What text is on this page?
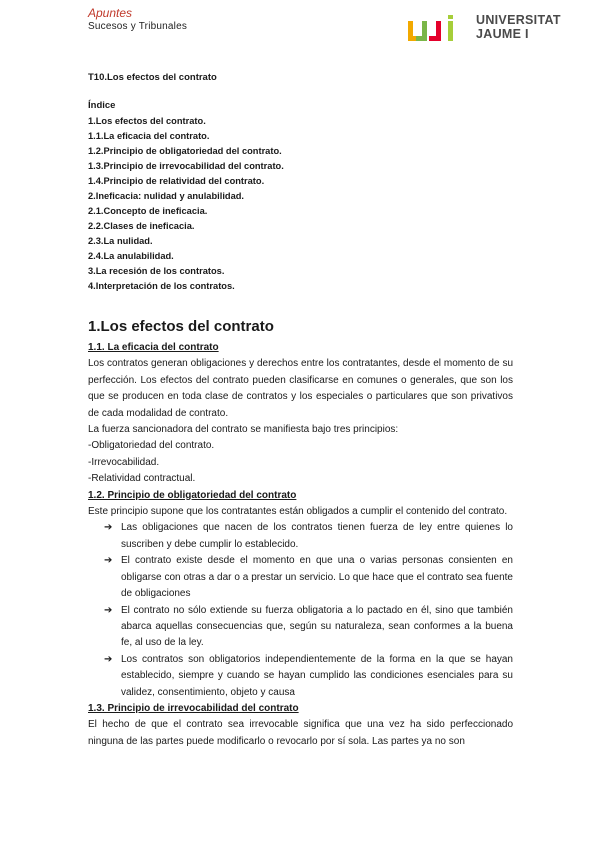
Apuntes
Sucesos y Tribunales	UNIVERSITAT
JAUME I
T10.Los efectos del contrato
Índice
1.Los efectos del contrato.
1.1.La eficacia del contrato.
1.2.Principio de obligatoriedad del contrato.
1.3.Principio de irrevocabilidad del contrato.
1.4.Principio de relatividad del contrato.
2.Ineficacia: nulidad y anulabilidad.
2.1.Concepto de ineficacia.
2.2.Clases de ineficacia.
2.3.La nulidad.
2.4.La anulabilidad.
3.La recesión de los contratos.
4.Interpretación de los contratos.
1.Los efectos del contrato
1.1. La eficacia del contrato

Los contratos generan obligaciones y derechos entre los contratantes, desde el momento de su perfección. Los efectos del contrato pueden clasificarse en comunes o generales, que son los que se producen en toda clase de contratos y los especiales o particulares que son privativos de cada modalidad de contrato.

La fuerza sancionadora del contrato se manifiesta bajo tres principios:

-Obligatoriedad del contrato.

-Irrevocabilidad.

-Relatividad contractual.

1.2. Principio de obligatoriedad del contrato

Este principio supone que los contratantes están obligados a cumplir el contenido del contrato.

➔ Las obligaciones que nacen de los contratos tienen fuerza de ley entre quienes lo suscriben y debe cumplir lo establecido.
➔ El contrato existe desde el momento en que una o varias personas consienten en obligarse con otras a dar o a prestar un servicio. Lo que hace que el contrato sea fuente de obligaciones
➔ El contrato no sólo extiende su fuerza obligatoria a lo pactado en él, sino que también abarca aquellas consecuencias que, según su naturaleza, sean conformes a la buena fe, al uso de la ley.
➔ Los contratos son obligatorios independientemente de la forma en la que se hayan establecido, siempre y cuando se hayan cumplido las condiciones esenciales para su validez, consentimiento, objeto y causa
1.3. Principio de irrevocabilidad del contrato

El hecho de que el contrato sea irrevocable significa que una vez ha sido perfeccionado ninguna de las partes puede modificarlo o revocarlo por sí sola. Las partes ya no son
